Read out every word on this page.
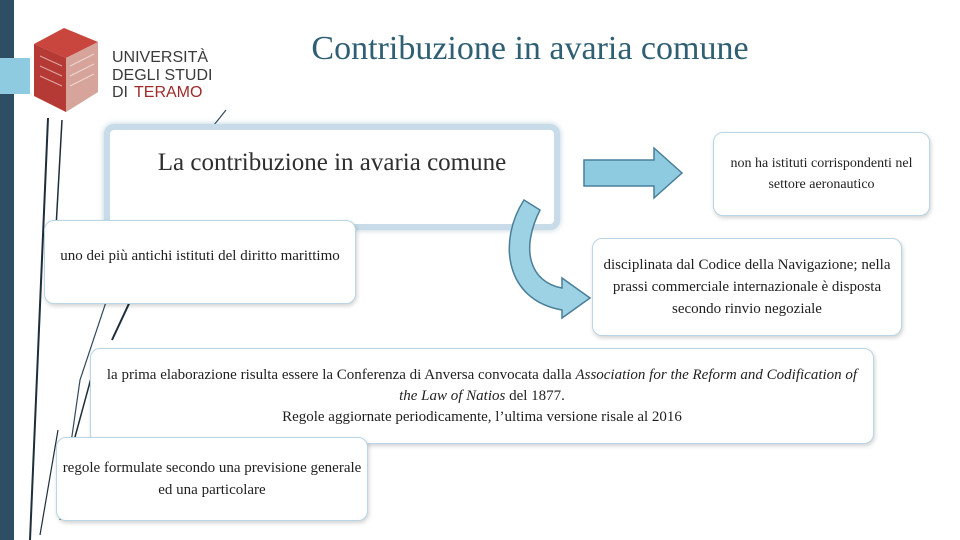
UNIVERSITÀ
DEGLI STUDI
DI TERAMO
Contribuzione in avaria comune
La contribuzione in avaria comune
uno dei più antichi istituti del diritto marittimo
non ha istituti corrispondenti nel settore aeronautico
disciplinata dal Codice della Navigazione; nella prassi commerciale internazionale è disposta secondo rinvio negoziale
la prima elaborazione risulta essere la Conferenza di Anversa convocata dalla Association for the Reform and Codification of the Law of Natios del 1877.
Regole aggiornate periodicamente, l’ultima versione risale al 2016
regole formulate secondo una previsione generale ed una particolare
